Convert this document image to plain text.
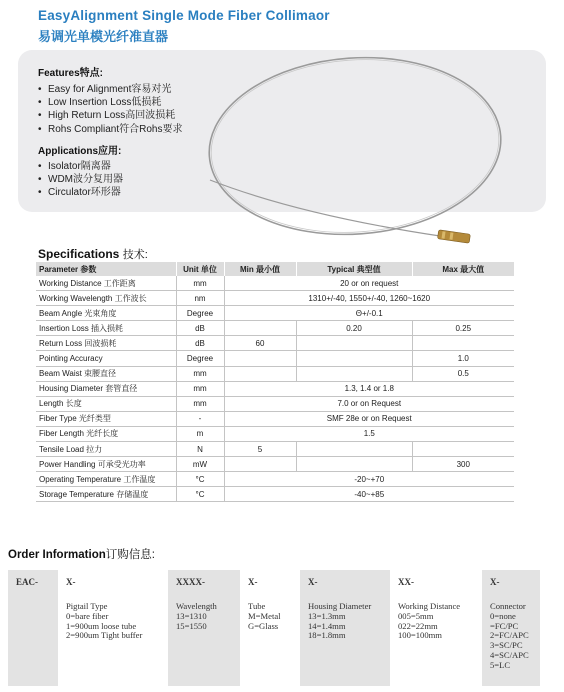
EasyAlignment Single Mode Fiber Collimaor
易调光单模光纤准直器
Features特点:
• Easy for Alignment容易对光
• Low Insertion Loss低损耗
• High Return Loss高回波损耗
• Rohs Compliant符合Rohs要求
Applications应用:
• Isolator隔离器
• WDM波分复用器
• Circulator环形器
Specifications 技术:
Parameter 参数	Unit 单位	Min 最小值	Typical 典型值	Max 最大值
Working Distance 工作距离	mm	20 or on request		
Working Wavelength 工作波长	nm	1310+/-40, 1550+/-40, 1260~1620		
Beam Angle 光束角度	Degree	Θ+/-0.1		
Insertion Loss 插入损耗	dB		0.20	0.25
Return Loss 回波损耗	dB	60		
Pointing Accuracy	Degree			1.0
Beam Waist 束腰直径	mm			0.5
Housing Diameter 套管直径	mm	1.3, 1.4 or 1.8		
Length 长度	mm	7.0 or on Request		
Fiber Type 光纤类型	-	SMF 28e or on Request		
Fiber Length 光纤长度	m	1.5		
Tensile Load 拉力	N	5		
Power Handling 可承受光功率	mW			300
Operating Temperature 工作温度	°C	-20~+70		
Storage Temperature 存储温度	°C	-40~+85		
Order Information订购信息:
EAC-	X-
Pigtail Type
0=bare fiber
1=900um loose tube
2=900um Tight buffer
XXXX-
Wavelength
13=1310
15=1550
X-
Tube
M=Metal
G=Glass
X-
Housing Diameter
13=1.3mm
14=1.4mm
18=1.8mm
XX-
Working Distance
005=5mm
022=22mm
100=100mm
X-
Connector
0=none
=FC/PC
2=FC/APC
3=SC/PC
4=SC/APC
5=LC
